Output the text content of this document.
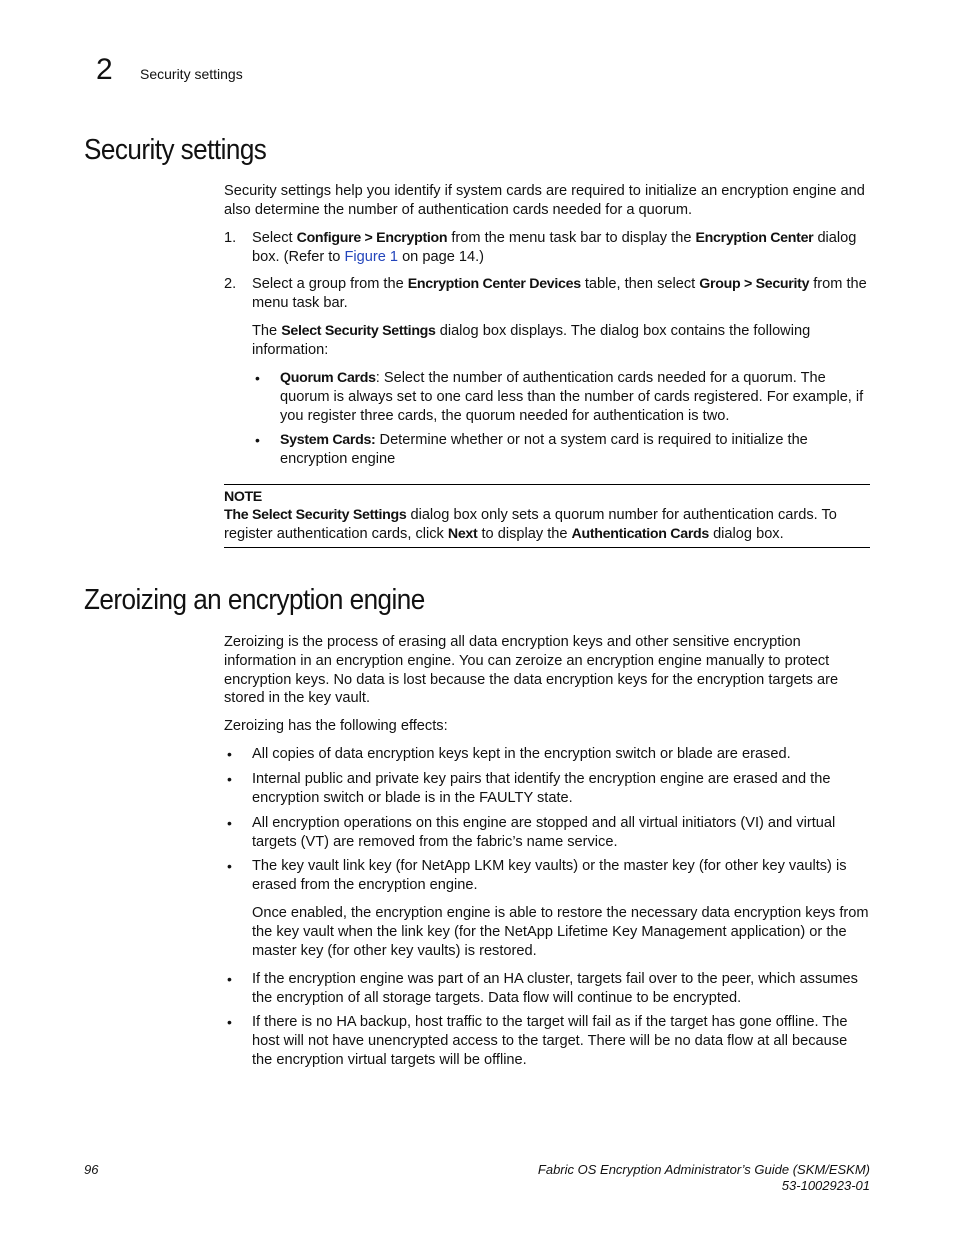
2 Security settings
Security settings

Security settings help you identify if system cards are required to initialize an encryption engine and also determine the number of authentication cards needed for a quorum.

1. Select Configure > Encryption from the menu task bar to display the Encryption Center dialog box. (Refer to Figure 1 on page 14.)

2. Select a group from the Encryption Center Devices table, then select Group > Security from the menu task bar.

The Select Security Settings dialog box displays. The dialog box contains the following information:

• Quorum Cards: Select the number of authentication cards needed for a quorum. The quorum is always set to one card less than the number of cards registered. For example, if you register three cards, the quorum needed for authentication is two.

• System Cards: Determine whether or not a system card is required to initialize the encryption engine

NOTE

The Select Security Settings dialog box only sets a quorum number for authentication cards. To register authentication cards, click Next to display the Authentication Cards dialog box.

Zeroizing an encryption engine

Zeroizing is the process of erasing all data encryption keys and other sensitive encryption information in an encryption engine. You can zeroize an encryption engine manually to protect encryption keys. No data is lost because the data encryption keys for the encryption targets are stored in the key vault.

Zeroizing has the following effects:

• All copies of data encryption keys kept in the encryption switch or blade are erased.

• Internal public and private key pairs that identify the encryption engine are erased and the encryption switch or blade is in the FAULTY state.

• All encryption operations on this engine are stopped and all virtual initiators (VI) and virtual targets (VT) are removed from the fabric’s name service.

• The key vault link key (for NetApp LKM key vaults) or the master key (for other key vaults) is erased from the encryption engine.

Once enabled, the encryption engine is able to restore the necessary data encryption keys from the key vault when the link key (for the NetApp Lifetime Key Management application) or the master key (for other key vaults) is restored.

• If the encryption engine was part of an HA cluster, targets fail over to the peer, which assumes the encryption of all storage targets. Data flow will continue to be encrypted.

• If there is no HA backup, host traffic to the target will fail as if the target has gone offline. The host will not have unencrypted access to the target. There will be no data flow at all because the encryption virtual targets will be offline.

96	Fabric OS Encryption Administrator’s Guide (SKM/ESKM)
53-1002923-01
